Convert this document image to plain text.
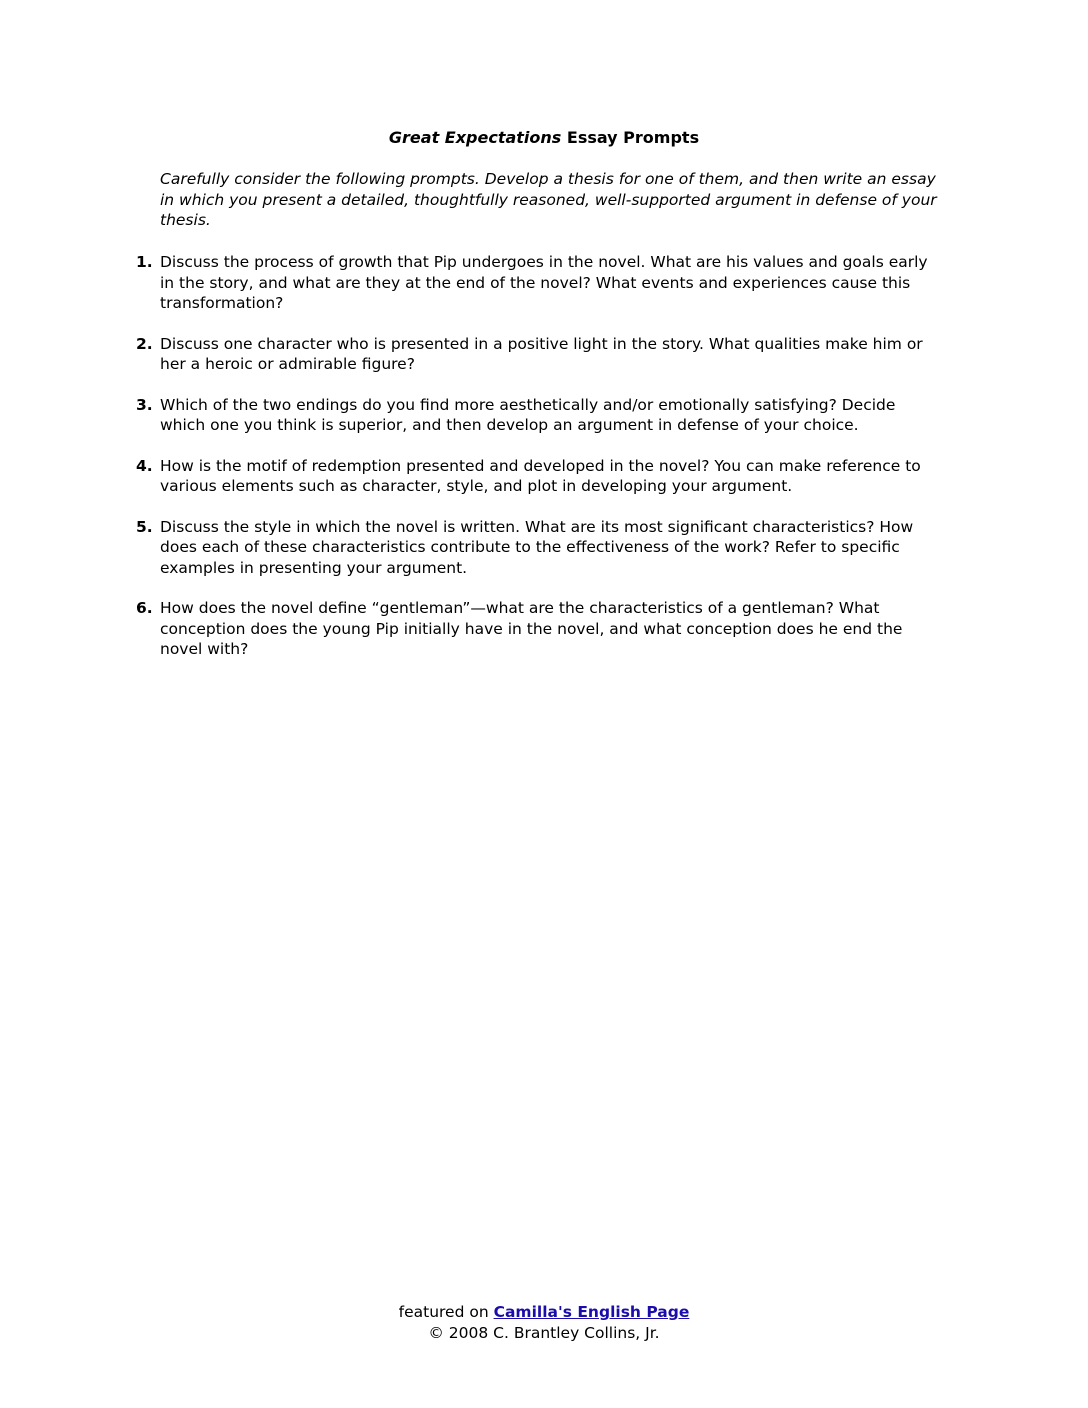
Great Expectations Essay Prompts
Carefully consider the following prompts. Develop a thesis for one of them, and then write an essay in which you present a detailed, thoughtfully reasoned, well-supported argument in defense of your thesis.
1. Discuss the process of growth that Pip undergoes in the novel. What are his values and goals early in the story, and what are they at the end of the novel? What events and experiences cause this transformation?
2. Discuss one character who is presented in a positive light in the story. What qualities make him or her a heroic or admirable figure?
3. Which of the two endings do you find more aesthetically and/or emotionally satisfying? Decide which one you think is superior, and then develop an argument in defense of your choice.
4. How is the motif of redemption presented and developed in the novel? You can make reference to various elements such as character, style, and plot in developing your argument.
5. Discuss the style in which the novel is written. What are its most significant characteristics? How does each of these characteristics contribute to the effectiveness of the work? Refer to specific examples in presenting your argument.
6. How does the novel define “gentleman”—what are the characteristics of a gentleman? What conception does the young Pip initially have in the novel, and what conception does he end the novel with?
featured on Camilla's English Page
© 2008 C. Brantley Collins, Jr.
